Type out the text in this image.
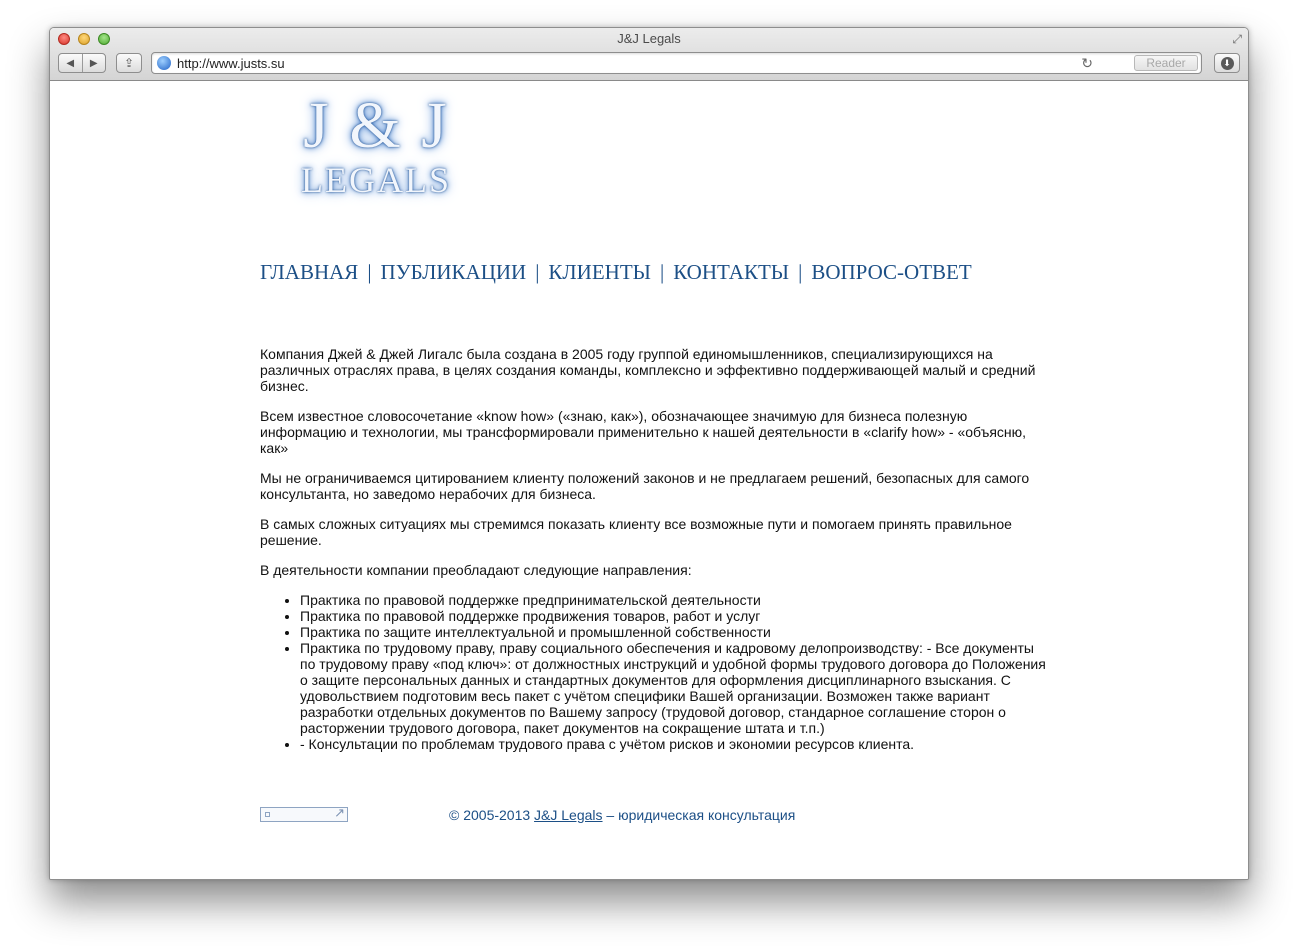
J&J Legals	⤢
◀	▶	⇪	http://www.justs.su	↻	Reader	⬇
J & J
LEGALS
ГЛАВНАЯ | ПУБЛИКАЦИИ | КЛИЕНТЫ | КОНТАКТЫ | ВОПРОС-ОТВЕТ

Компания Джей & Джей Лигалс была создана в 2005 году группой единомышленников, специализирующихся на различных отраслях права, в целях создания команды, комплексно и эффективно поддерживающей малый и средний бизнес.

Всем известное словосочетание «know how» («знаю, как»), обозначающее значимую для бизнеса полезную информацию и технологии, мы трансформировали применительно к нашей деятельности в «clarify how» - «объясню, как»

Мы не ограничиваемся цитированием клиенту положений законов и не предлагаем решений, безопасных для самого консультанта, но заведомо нерабочих для бизнеса.

В самых сложных ситуациях мы стремимся показать клиенту все возможные пути и помогаем принять правильное решение.

В деятельности компании преобладают следующие направления:

• Практика по правовой поддержке предпринимательской деятельности
• Практика по правовой поддержке продвижения товаров, работ и услуг
• Практика по защите интеллектуальной и промышленной собственности
• Практика по трудовому праву, праву социального обеспечения и кадровому делопроизводству: - Все документы по трудовому праву «под ключ»: от должностных инструкций и удобной формы трудового договора до Положения о защите персональных данных и стандартных документов для оформления дисциплинарного взыскания. С удовольствием подготовим весь пакет с учётом специфики Вашей организации. Возможен также вариант разработки отдельных документов по Вашему запросу (трудовой договор, стандарное соглашение сторон о расторжении трудового договора, пакет документов на сокращение штата и т.п.)
• - Консультации по проблемам трудового права с учётом рисков и экономии ресурсов клиента.
↗	© 2005-2013 J&J Legals – юридическая консультация
